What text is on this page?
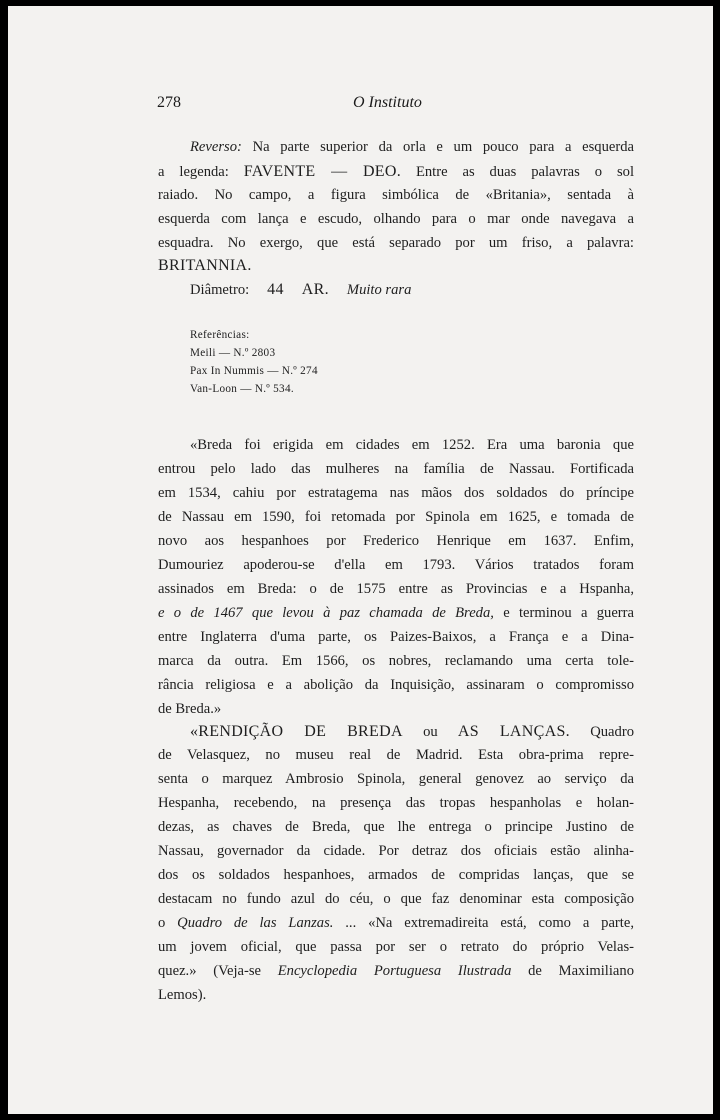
278	O Instituto
Reverso: Na parte superior da orla e um pouco para a esquerda
a legenda: FAVENTE — DEO. Entre as duas palavras o sol
raiado. No campo, a figura simbólica de «Britania», sentada à
esquerda com lança e escudo, olhando para o mar onde navegava a
esquadra. No exergo, que está separado por um friso, a palavra:
BRITANNIA.
Diâmetro: 44 AR. Muito rara
Referências:
Meili — N.º 2803
Pax In Nummis — N.º 274
Van-Loon — N.º 534.
«Breda foi erigida em cidades em 1252. Era uma baronia que
entrou pelo lado das mulheres na família de Nassau. Fortificada
em 1534, cahiu por estratagema nas mãos dos soldados do príncipe
de Nassau em 1590, foi retomada por Spinola em 1625, e tomada de
novo aos hespanhoes por Frederico Henrique em 1637. Enfim,
Dumouriez apoderou-se d'ella em 1793. Vários tratados foram
assinados em Breda: o de 1575 entre as Provincias e a Hspanha,
e o de 1467 que levou à paz chamada de Breda, e terminou a guerra
entre Inglaterra d'uma parte, os Paizes-Baixos, a França e a Dina-
marca da outra. Em 1566, os nobres, reclamando uma certa tole-
rância religiosa e a abolição da Inquisição, assinaram o compromisso
de Breda.»
«RENDIÇÃO DE BREDA ou AS LANÇAS. Quadro
de Velasquez, no museu real de Madrid. Esta obra-prima repre-
senta o marquez Ambrosio Spinola, general genovez ao serviço da
Hespanha, recebendo, na presença das tropas hespanholas e holan-
dezas, as chaves de Breda, que lhe entrega o principe Justino de
Nassau, governador da cidade. Por detraz dos oficiais estão alinha-
dos os soldados hespanhoes, armados de compridas lanças, que se
destacam no fundo azul do céu, o que faz denominar esta composição
o Quadro de las Lanzas. ... «Na extremadireita está, como a parte,
um jovem oficial, que passa por ser o retrato do próprio Velas-
quez.» (Veja-se Encyclopedia Portuguesa Ilustrada de Maximiliano
Lemos).
